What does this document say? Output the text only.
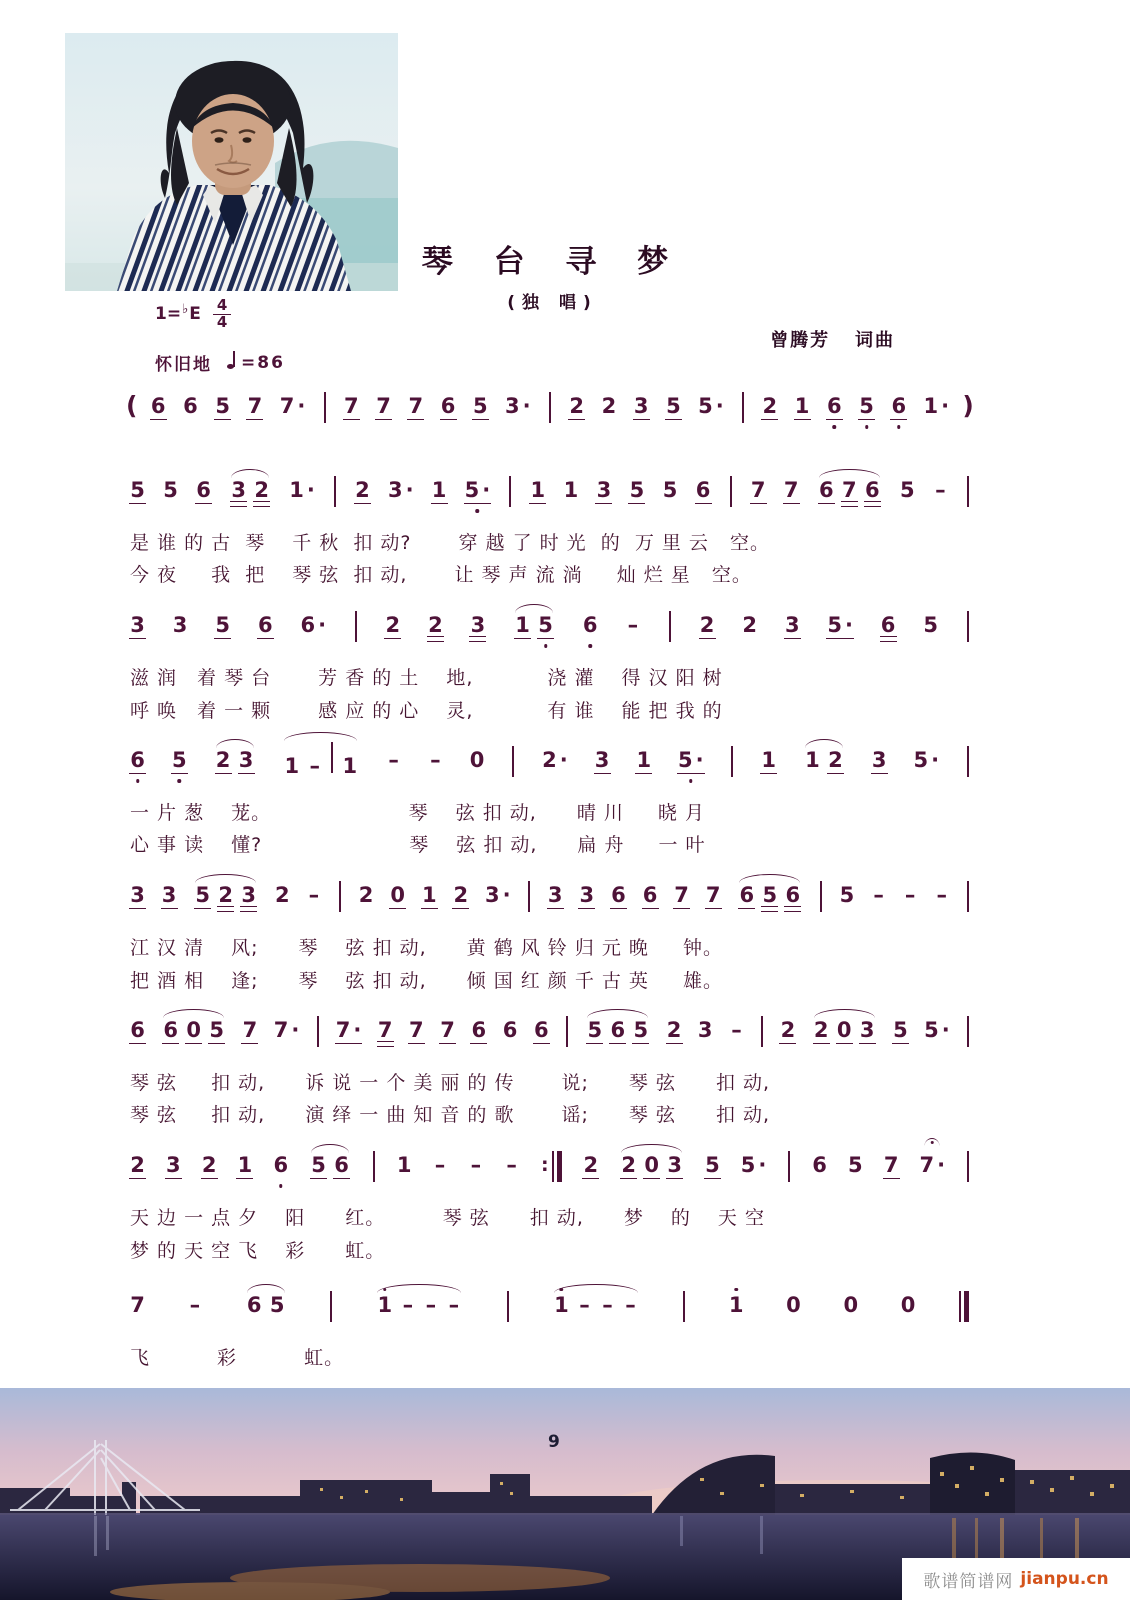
琴 台 寻 梦
(独 唱)
曾腾芳   词曲
1=♭ E 4
4
怀旧地 =86
( 6 6 5 7 7 · 7 7 7 6 5 3 · 2 2 3 5 5 · 2 1 6 5 6 1 · )
5 5 6 3 2 1 · 2 3 · 1 5 · 1 1 3 5 5 6 7 7 6 7 6 5 –
是 谁 的 古  琴　 千 秋  扣 动?　　 穿 越 了 时 光  的  万 里 云   空。
今 夜　  我  把　 琴 弦  扣 动,　　 让 琴 声 流 淌　  灿 烂 星   空。
3 3 5 6 6 ·	2 2 3 1 5 6 –	2 2 3 5 · 6 5
滋 润　着 琴 台　　 芳 香 的 土　 地,　　　  浇 灌　 得 汉 阳 树
呼 唤　着 一 颗　　 感 应 的 心　 灵,　　　  有 谁　 能 把 我 的
6 5 2 3 1 – 1 – – 0	2 · 3 1 5 ·	1 1 2 3 5 ·
一 片 葱　 茏。　　　　　　　 琴　 弦 扣 动,　　晴 川　  晓 月
心 事 读　 懂?　　　　　　　 琴　 弦 扣 动,　　扁 舟　  一 叶
3 3 5 2 3 2 – 2 0 1 2 3 · 3 3 6 6 7 7 6 5 6 5 – – –
江 汉 清　 风;　　琴　 弦 扣 动,　　黄 鹤 风 铃 归 元 晚　  钟。
把 酒 相　 逢;　　琴　 弦 扣 动,　　倾 国 红 颜 千 古 英　  雄。
6 6 0 5 7 7 · 7 · 7 7 7 6 6 6 5 6 5 2 3 – 2 2 0 3 5 5 ·
琴 弦　  扣 动,　　诉 说 一 个 美 丽 的 传　　 说;　　琴 弦　　扣 动,
琴 弦　  扣 动,　　演 绎 一 曲 知 音 的 歌　　 谣;　　琴 弦　　扣 动,
2 3 2 1 6 5 6 1 – – – : 2 2 0 3 5 5 · 6 5 7 7 ·
天 边 一 点 夕　 阳　　红。　　　 琴 弦　　扣 动,　　梦　 的　 天 空
梦 的 天 空 飞　 彩　　虹。
7 – 6 5	1 – – –	1 – – –	1 0 0 0
飞　　　 彩　　　 虹。
9
歌谱简谱网 jianpu.cn
